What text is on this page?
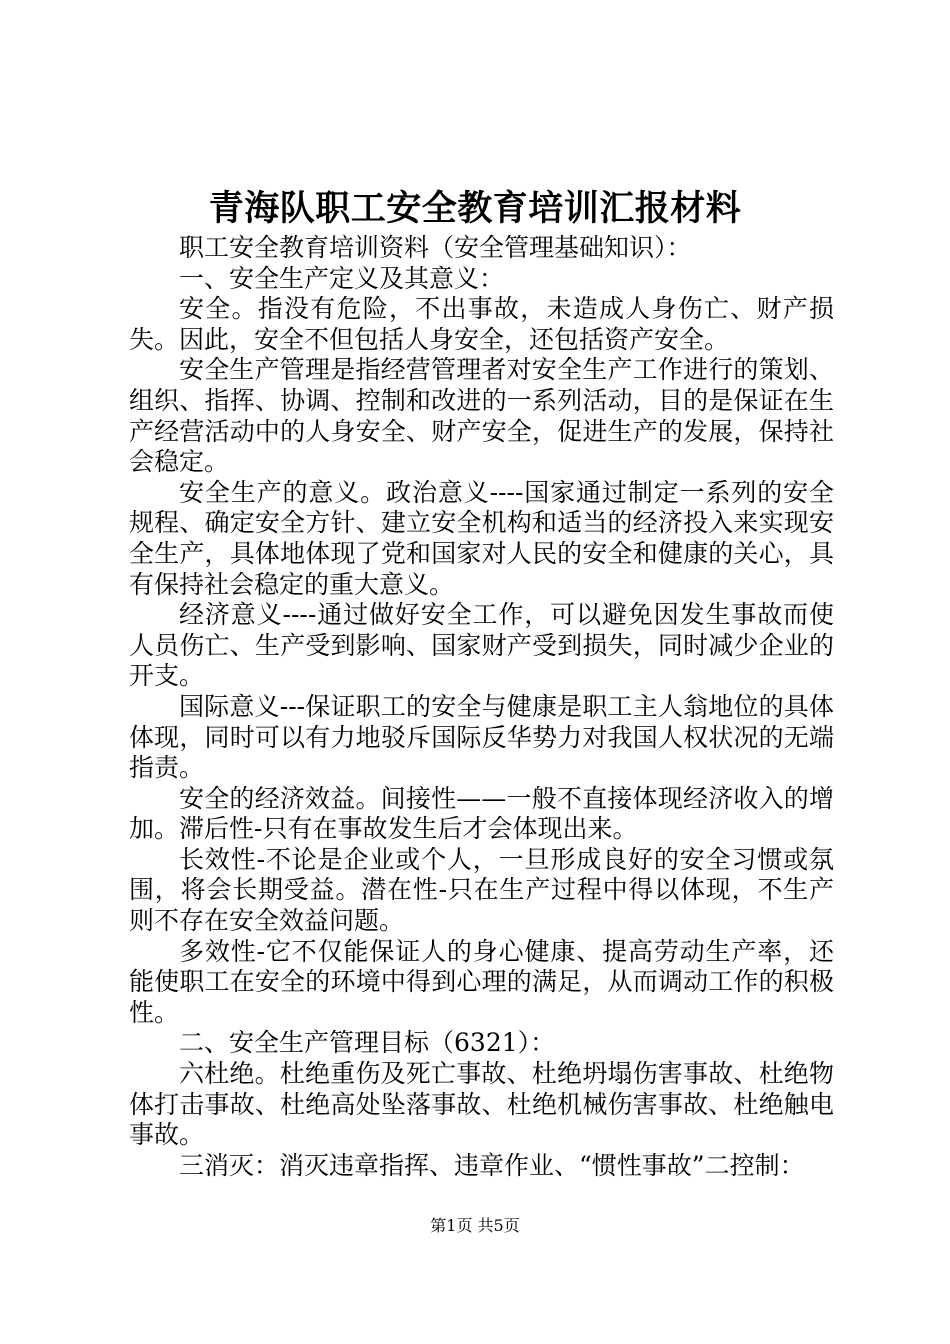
青海队职工安全教育培训汇报材料

职工安全教育培训资料（安全管理基础知识）：

一、安全生产定义及其意义：

安全。指没有危险，不出事故，未造成人身伤亡、财产损失。因此，安全不但包括人身安全，还包括资产安全。

安全生产管理是指经营管理者对安全生产工作进行的策划、组织、指挥、协调、控制和改进的一系列活动，目的是保证在生产经营活动中的人身安全、财产安全，促进生产的发展，保持社会稳定。

安全生产的意义。政治意义----国家通过制定一系列的安全规程、确定安全方针、建立安全机构和适当的经济投入来实现安全生产，具体地体现了党和国家对人民的安全和健康的关心，具有保持社会稳定的重大意义。

经济意义----通过做好安全工作，可以避免因发生事故而使人员伤亡、生产受到影响、国家财产受到损失，同时减少企业的开支。

国际意义---保证职工的安全与健康是职工主人翁地位的具体体现，同时可以有力地驳斥国际反华势力对我国人权状况的无端指责。

安全的经济效益。间接性——一般不直接体现经济收入的增加。滞后性-只有在事故发生后才会体现出来。

长效性-不论是企业或个人，一旦形成良好的安全习惯或氛围，将会长期受益。潜在性-只在生产过程中得以体现，不生产则不存在安全效益问题。

多效性-它不仅能保证人的身心健康、提高劳动生产率，还能使职工在安全的环境中得到心理的满足，从而调动工作的积极性。

二、安全生产管理目标（6321）：

六杜绝。杜绝重伤及死亡事故、杜绝坍塌伤害事故、杜绝物体打击事故、杜绝高处坠落事故、杜绝机械伤害事故、杜绝触电事故。

三消灭：消灭违章指挥、违章作业、“惯性事故”二控制：

第1页 共5页
